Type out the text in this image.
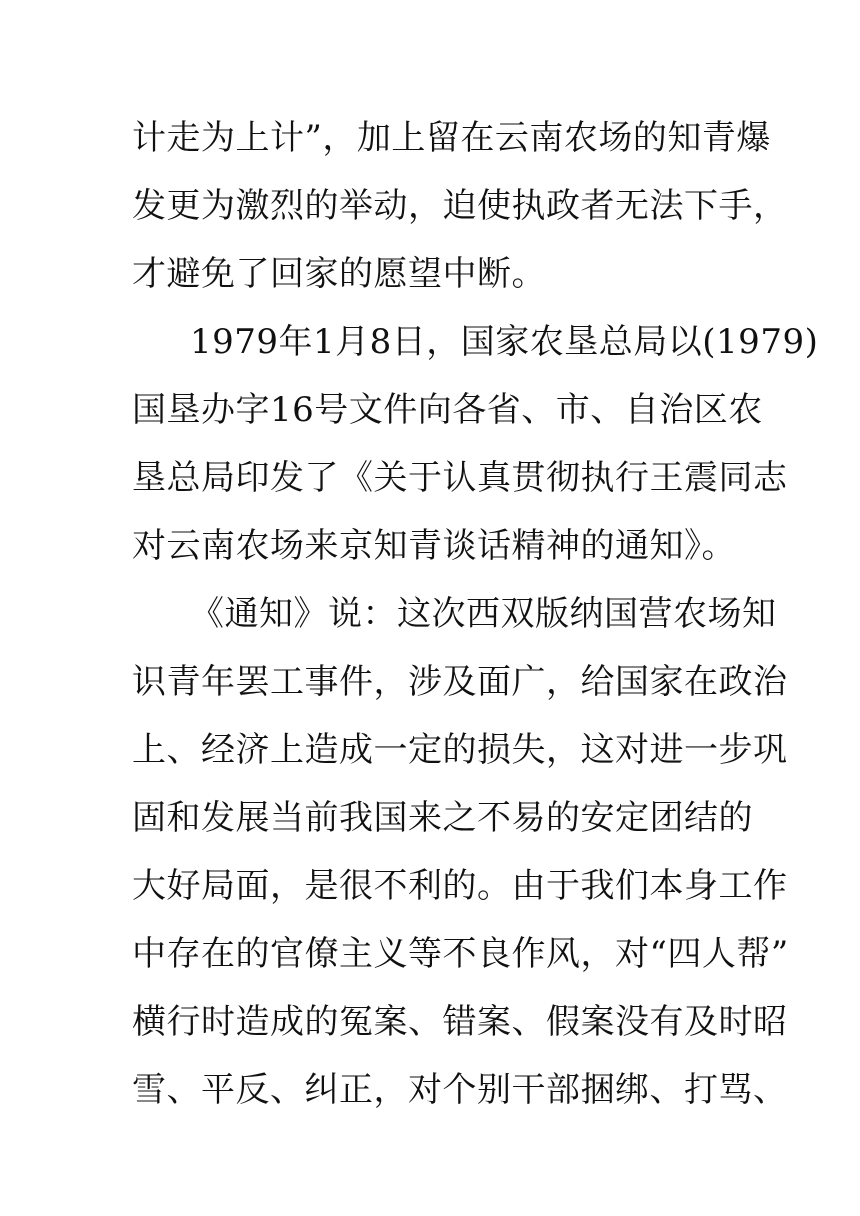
计走为上计”，加上留在云南农场的知青爆
发更为激烈的举动，迫使执政者无法下手，
才避免了回家的愿望中断。
1979年1月8日，国家农垦总局以(1979)
国垦办字16号文件向各省、市、自治区农
垦总局印发了《关于认真贯彻执行王震同志
对云南农场来京知青谈话精神的通知》。
《通知》说：这次西双版纳国营农场知
识青年罢工事件，涉及面广，给国家在政治
上、经济上造成一定的损失，这对进一步巩
固和发展当前我国来之不易的安定团结的
大好局面，是很不利的。由于我们本身工作
中存在的官僚主义等不良作风，对“四人帮”
横行时造成的冤案、错案、假案没有及时昭
雪、平反、纠正，对个别干部捆绑、打骂、
